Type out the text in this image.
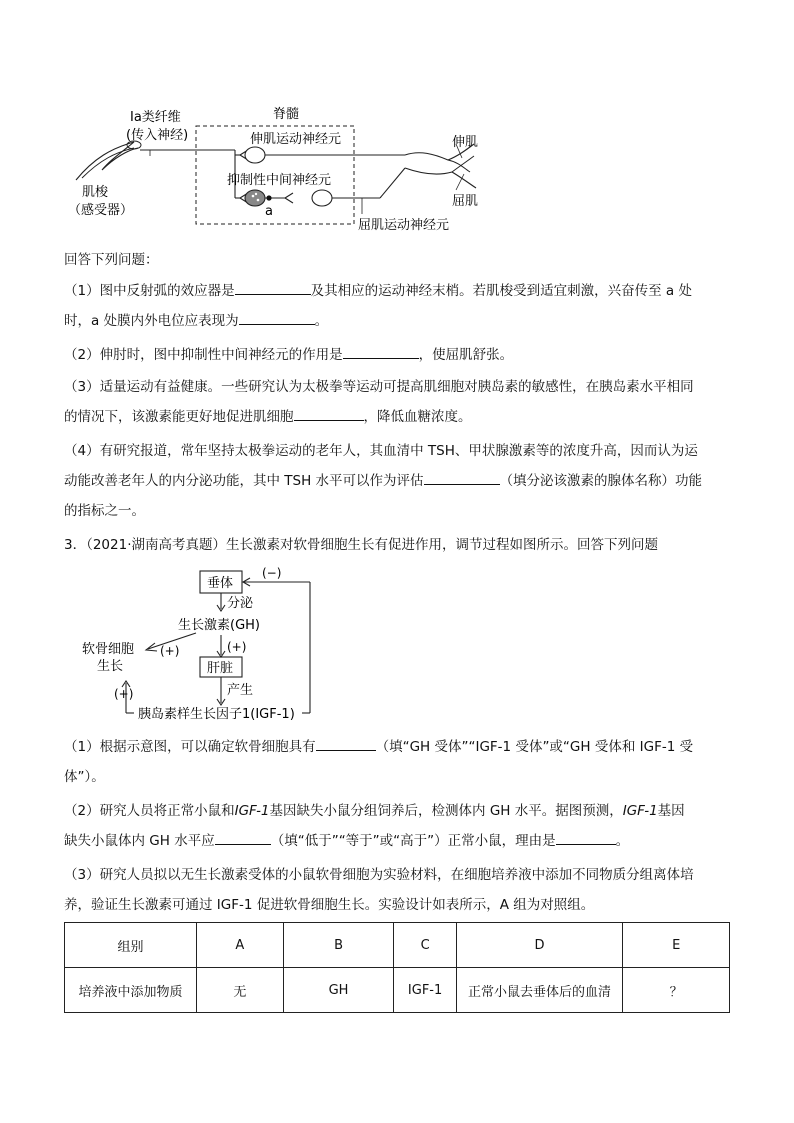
Ⅰa类纤维
(传入神经)
脊髓
伸肌运动神经元
抑制性中间神经元
a
肌梭
（感受器）
伸肌
屈肌
屈肌运动神经元

回答下列问题：

（1）图中反射弧的效应器是	及其相应的运动神经末梢。若肌梭受到适宜刺激，兴奋传至 a 处
时，a 处膜内外电位应表现为	。

（2）伸肘时，图中抑制性中间神经元的作用是	，使屈肌舒张。

（3）适量运动有益健康。一些研究认为太极拳等运动可提高肌细胞对胰岛素的敏感性，在胰岛素水平相同
的情况下，该激素能更好地促进肌细胞	，降低血糖浓度。

（4）有研究报道，常年坚持太极拳运动的老年人，其血清中 TSH、甲状腺激素等的浓度升高，因而认为运
动能改善老年人的内分泌功能，其中 TSH 水平可以作为评估	（填分泌该激素的腺体名称）功能
的指标之一。

3．（2021·湖南高考真题）生长激素对软骨细胞生长有促进作用，调节过程如图所示。回答下列问题

垂体
(−)
分泌
生长激素(GH)
软骨细胞
生长
(+)	(+)
肝脏
(+)	产生
胰岛素样生长因子1(IGF-1)

（1）根据示意图，可以确定软骨细胞具有	（填“GH 受体”“IGF-1 受体”或“GH 受体和 IGF-1 受
体”）。

（2）研究人员将正常小鼠和IGF-1基因缺失小鼠分组饲养后，检测体内 GH 水平。据图预测，IGF-1基因
缺失小鼠体内 GH 水平应	（填“低于”“等于”或“高于”）正常小鼠，理由是	。

（3）研究人员拟以无生长激素受体的小鼠软骨细胞为实验材料，在细胞培养液中添加不同物质分组离体培
养，验证生长激素可通过 IGF-1 促进软骨细胞生长。实验设计如表所示，A 组为对照组。

组别	A	B	C	D	E
培养液中添加物质	无	GH	IGF-1	正常小鼠去垂体后的血清	？
